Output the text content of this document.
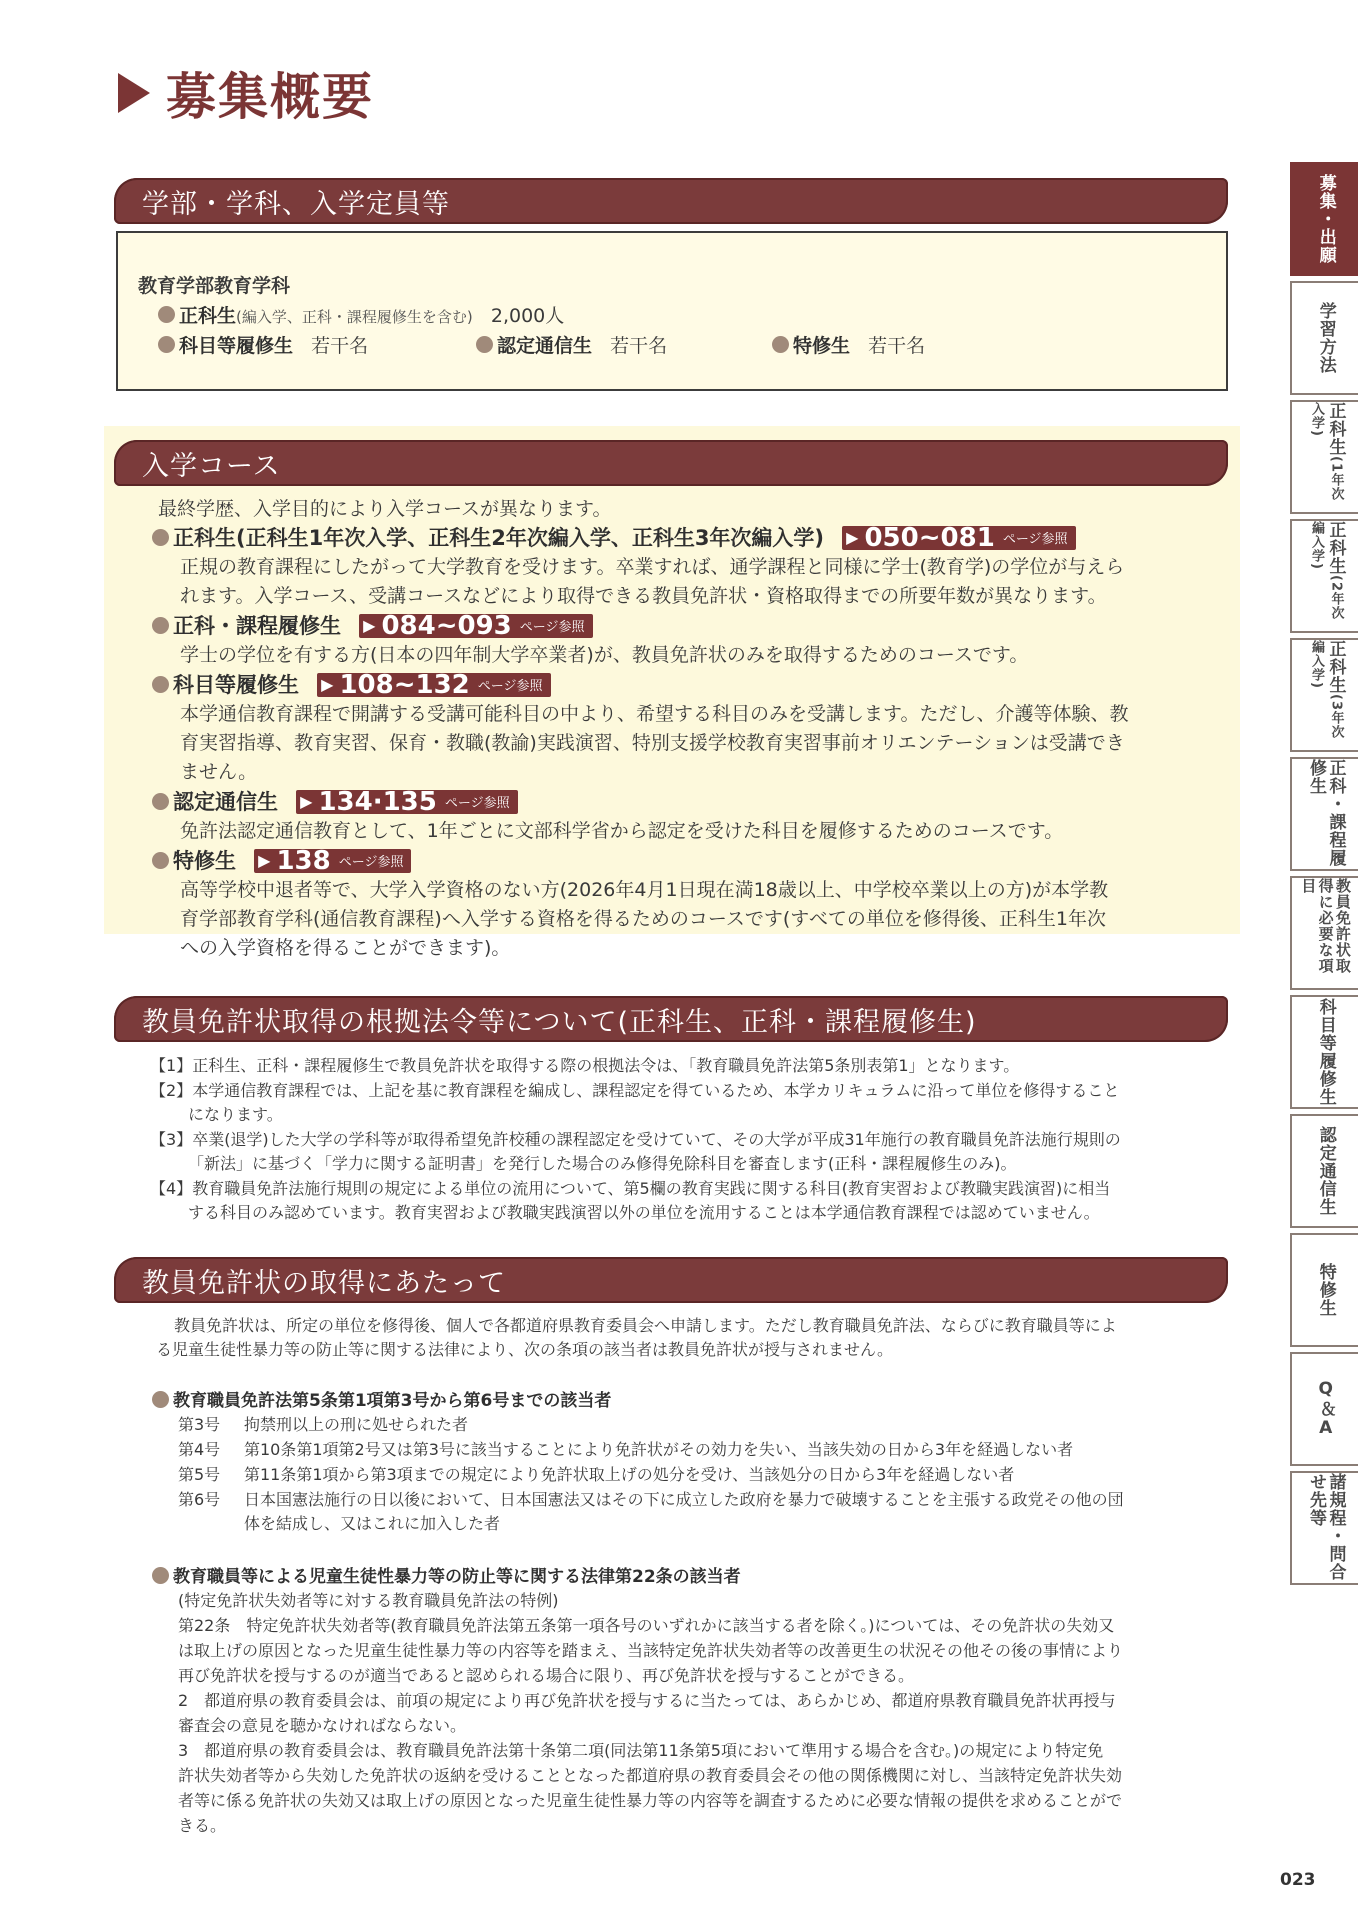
募集概要
学部・学科、入学定員等
教育学部教育学科
正科生(編入学、正科・課程履修生を含む) 2,000人
科目等履修生 若干名	認定通信生 若干名	特修生 若干名
入学コース
最終学歴、入学目的により入学コースが異なります。
正科生(正科生1年次入学、正科生2年次編入学、正科生3年次編入学) ▶ 050~081 ページ参照
正規の教育課程にしたがって大学教育を受けます。卒業すれば、通学課程と同様に学士(教育学)の学位が与えら
れます。入学コース、受講コースなどにより取得できる教員免許状・資格取得までの所要年数が異なります。
正科・課程履修生 ▶ 084~093 ページ参照
学士の学位を有する方(日本の四年制大学卒業者)が、教員免許状のみを取得するためのコースです。
科目等履修生 ▶ 108~132 ページ参照
本学通信教育課程で開講する受講可能科目の中より、希望する科目のみを受講します。ただし、介護等体験、教
育実習指導、教育実習、保育・教職(教諭)実践演習、特別支援学校教育実習事前オリエンテーションは受講でき
ません。
認定通信生 ▶ 134·135 ページ参照
免許法認定通信教育として、1年ごとに文部科学省から認定を受けた科目を履修するためのコースです。
特修生 ▶ 138 ページ参照
高等学校中退者等で、大学入学資格のない方(2026年4月1日現在満18歳以上、中学校卒業以上の方)が本学教
育学部教育学科(通信教育課程)へ入学する資格を得るためのコースです(すべての単位を修得後、正科生1年次
への入学資格を得ることができます)。
教員免許状取得の根拠法令等について(正科生、正科・課程履修生)
【1】正科生、正科・課程履修生で教員免許状を取得する際の根拠法令は、「教育職員免許法第5条別表第1」となります。
【2】本学通信教育課程では、上記を基に教育課程を編成し、課程認定を得ているため、本学カリキュラムに沿って単位を修得すること
になります。
【3】卒業(退学)した大学の学科等が取得希望免許校種の課程認定を受けていて、その大学が平成31年施行の教育職員免許法施行規則の
「新法」に基づく「学力に関する証明書」を発行した場合のみ修得免除科目を審査します(正科・課程履修生のみ)。
【4】教育職員免許法施行規則の規定による単位の流用について、第5欄の教育実践に関する科目(教育実習および教職実践演習)に相当
する科目のみ認めています。教育実習および教職実践演習以外の単位を流用することは本学通信教育課程では認めていません。
教員免許状の取得にあたって
教員免許状は、所定の単位を修得後、個人で各都道府県教育委員会へ申請します。ただし教育職員免許法、ならびに教育職員等によ
る児童生徒性暴力等の防止等に関する法律により、次の条項の該当者は教員免許状が授与されません。
教育職員免許法第5条第1項第3号から第6号までの該当者
第3号 拘禁刑以上の刑に処せられた者
第4号 第10条第1項第2号又は第3号に該当することにより免許状がその効力を失い、当該失効の日から3年を経過しない者
第5号 第11条第1項から第3項までの規定により免許状取上げの処分を受け、当該処分の日から3年を経過しない者
第6号 日本国憲法施行の日以後において、日本国憲法又はその下に成立した政府を暴力で破壊することを主張する政党その他の団
体を結成し、又はこれに加入した者
教育職員等による児童生徒性暴力等の防止等に関する法律第22条の該当者
(特定免許状失効者等に対する教育職員免許法の特例)
第22条　特定免許状失効者等(教育職員免許法第五条第一項各号のいずれかに該当する者を除く。)については、その免許状の失効又
は取上げの原因となった児童生徒性暴力等の内容等を踏まえ、当該特定免許状失効者等の改善更生の状況その他その後の事情により
再び免許状を授与するのが適当であると認められる場合に限り、再び免許状を授与することができる。
2　都道府県の教育委員会は、前項の規定により再び免許状を授与するに当たっては、あらかじめ、都道府県教育職員免許状再授与
審査会の意見を聴かなければならない。
3　都道府県の教育委員会は、教育職員免許法第十条第二項(同法第11条第5項において準用する場合を含む。)の規定により特定免
許状失効者等から失効した免許状の返納を受けることとなった都道府県の教育委員会その他の関係機関に対し、当該特定免許状失効
者等に係る免許状の失効又は取上げの原因となった児童生徒性暴力等の内容等を調査するために必要な情報の提供を求めることがで
きる。
募集・出願
学習方法
正科生(1年次入学)
正科生(2年次編入学)
正科生(3年次編入学)
正科・課程履修生
教員免許状取得に必要な項目
科目等履修生
認定通信生
特修生
Q＆A
諸規程・問合せ先等
023
